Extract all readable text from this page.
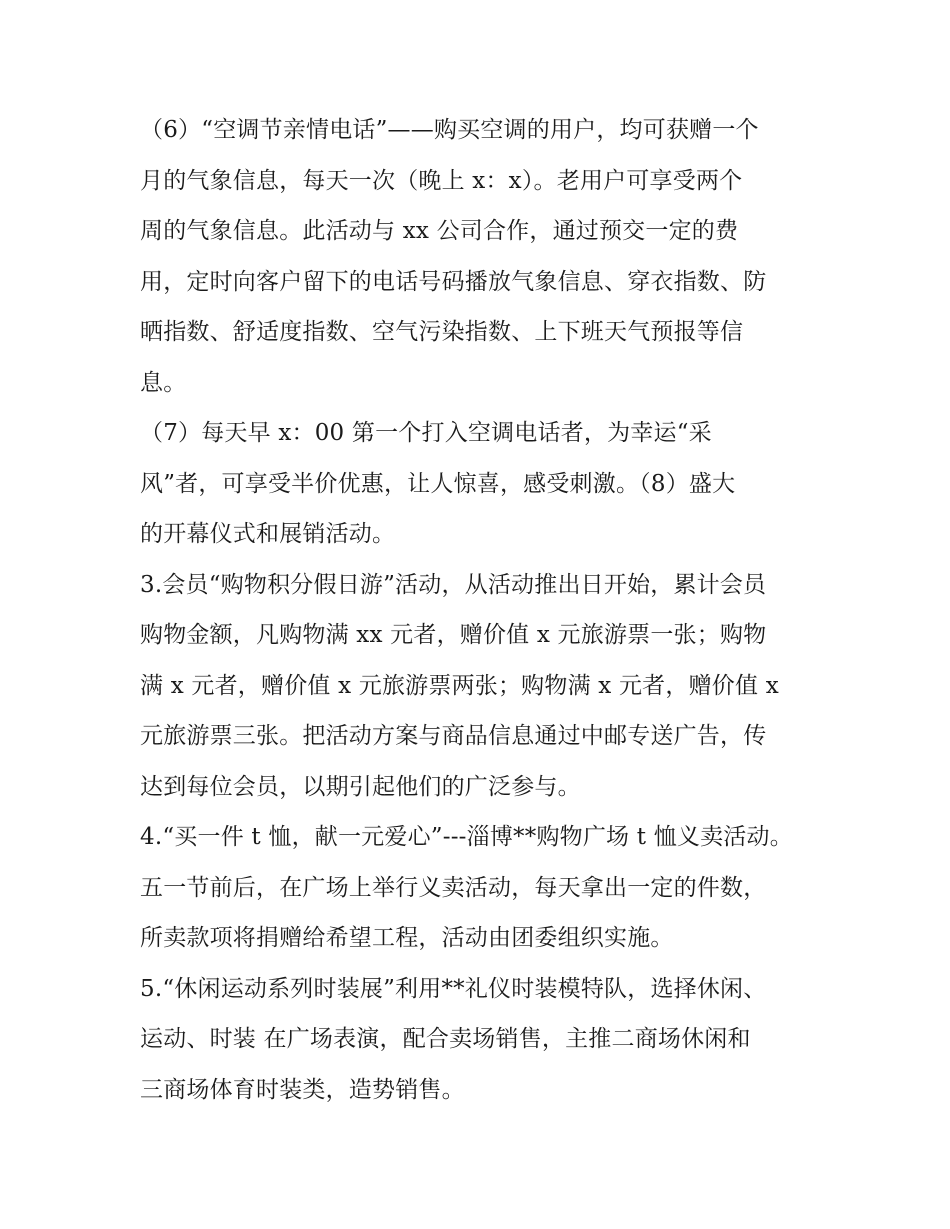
（6）“空调节亲情电话”——购买空调的用户，均可获赠一个
月的气象信息，每天一次（晚上 x：x）。老用户可享受两个
周的气象信息。此活动与 xx 公司合作，通过预交一定的费
用，定时向客户留下的电话号码播放气象信息、穿衣指数、防
晒指数、舒适度指数、空气污染指数、上下班天气预报等信
息。
（7）每天早 x：00 第一个打入空调电话者，为幸运“采
风”者，可享受半价优惠，让人惊喜，感受刺激。（8）盛大
的开幕仪式和展销活动。
3.会员“购物积分假日游”活动，从活动推出日开始，累计会员
购物金额，凡购物满 xx 元者，赠价值 x 元旅游票一张；购物
满 x 元者，赠价值 x 元旅游票两张；购物满 x 元者，赠价值 x
元旅游票三张。把活动方案与商品信息通过中邮专送广告，传
达到每位会员，以期引起他们的广泛参与。
4.“买一件 t 恤，献一元爱心”---淄博**购物广场 t 恤义卖活动。
五一节前后，在广场上举行义卖活动，每天拿出一定的件数，
所卖款项将捐赠给希望工程，活动由团委组织实施。
5.“休闲运动系列时装展”利用**礼仪时装模特队，选择休闲、
运动、时装 在广场表演，配合卖场销售，主推二商场休闲和
三商场体育时装类，造势销售。
